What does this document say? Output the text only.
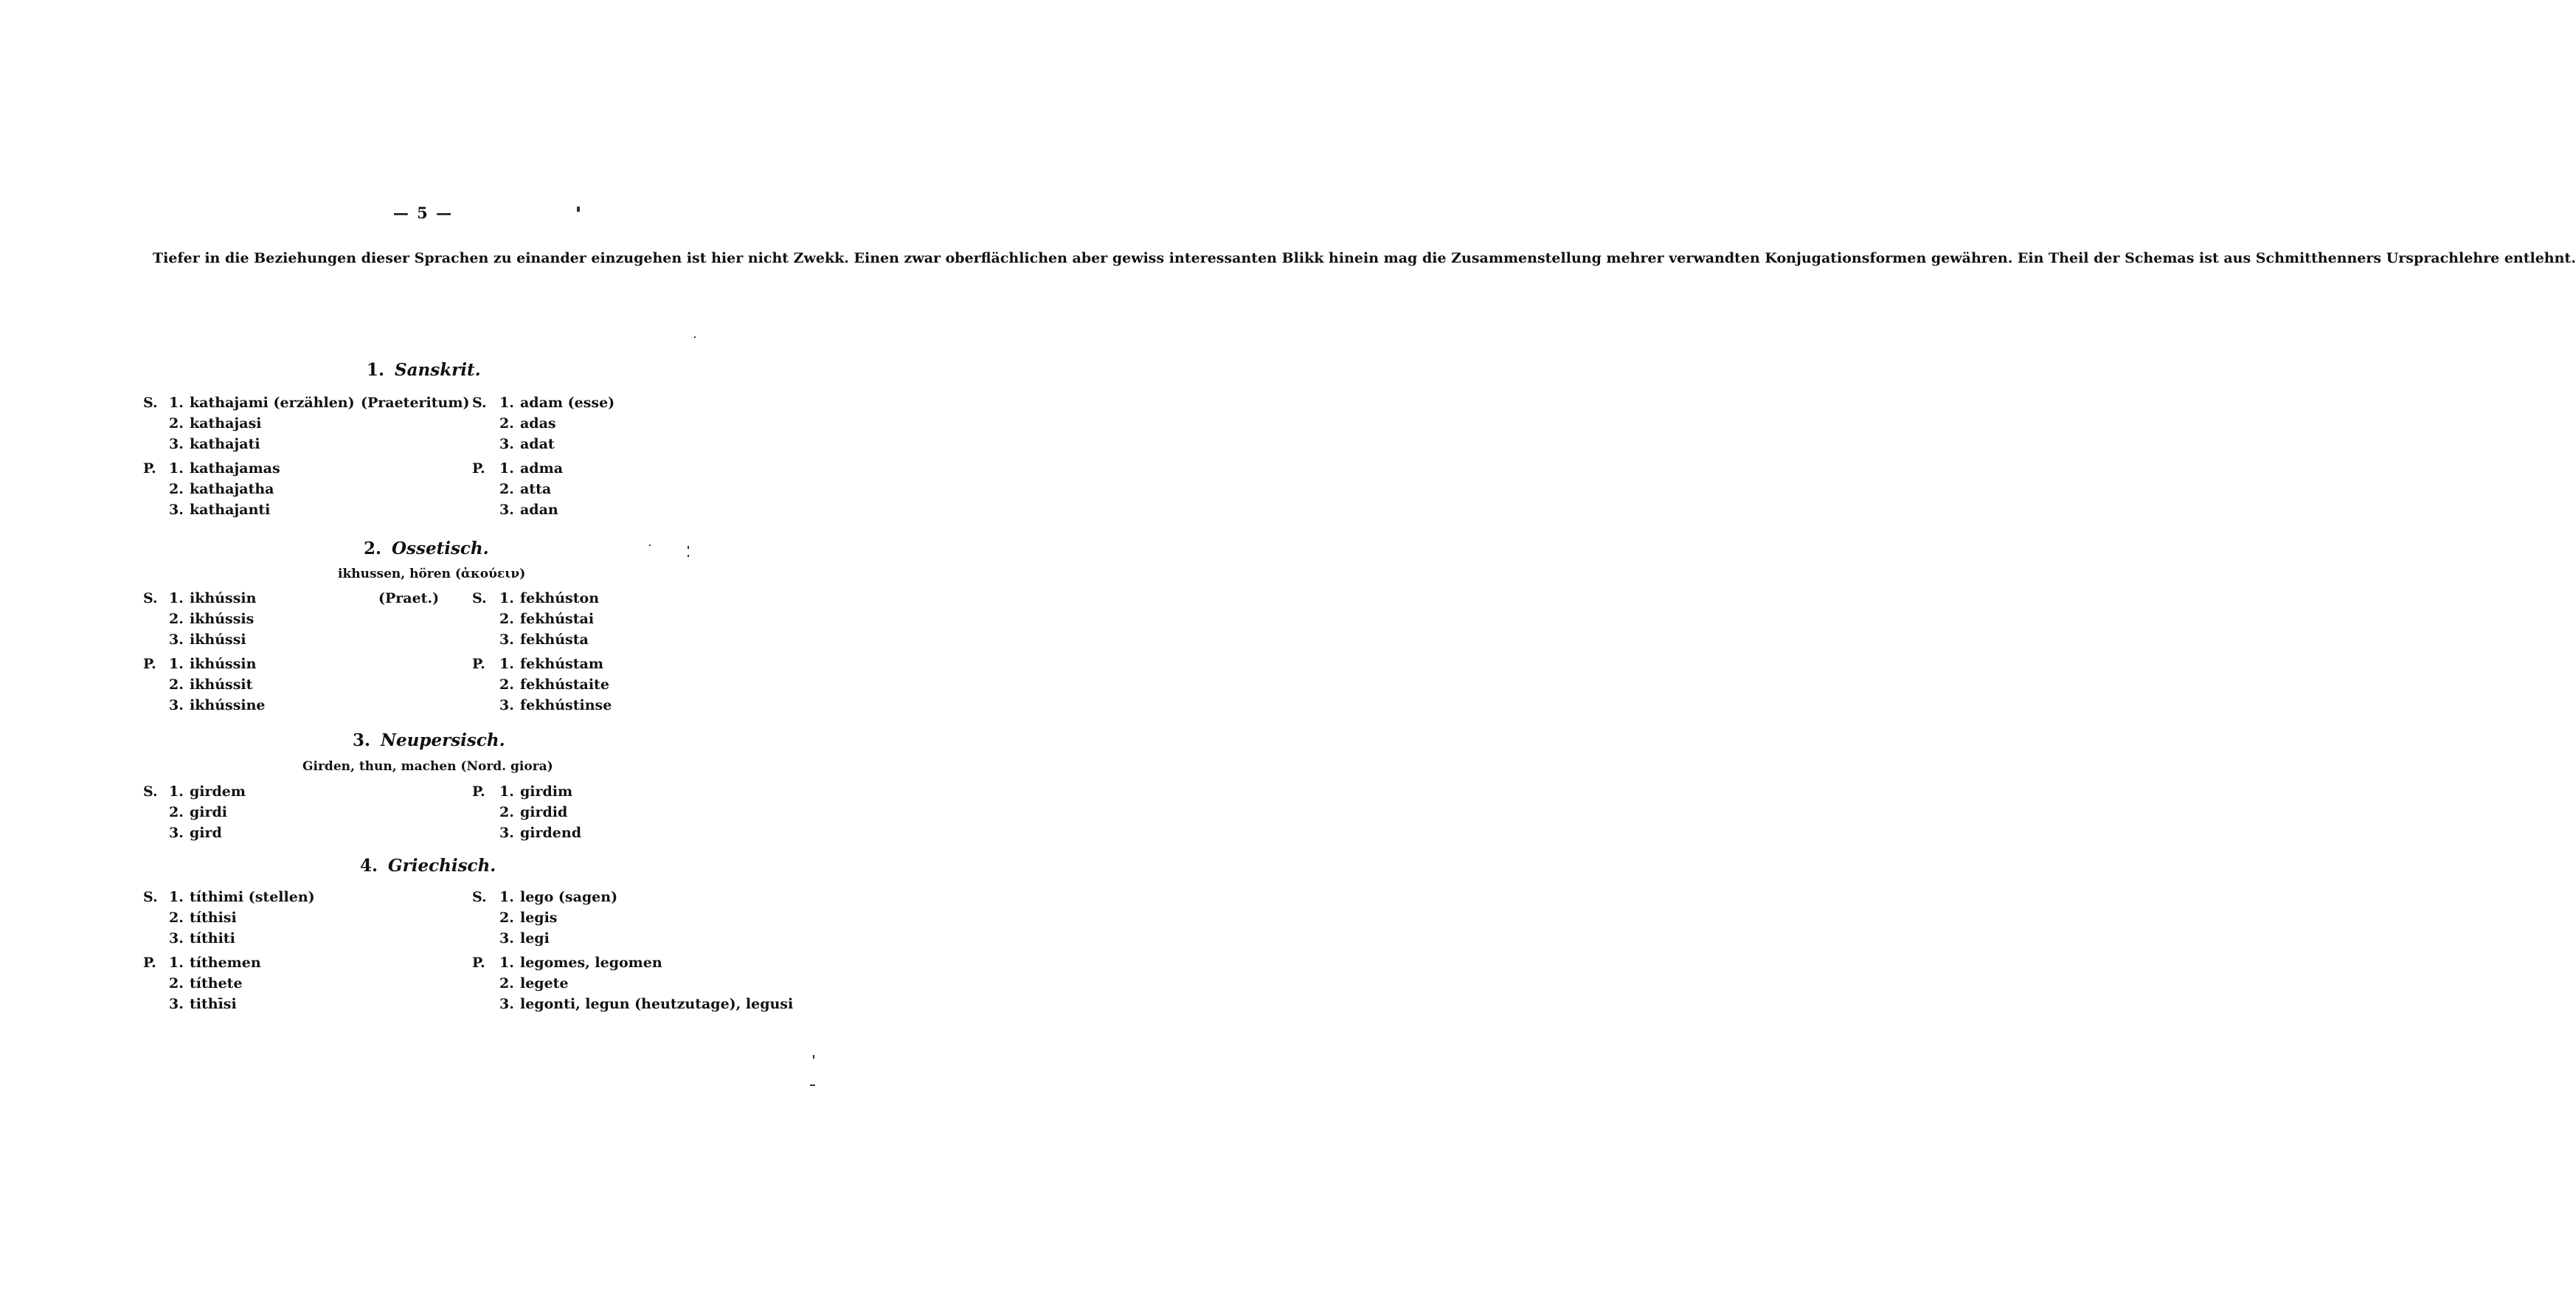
— 5 —

Tiefer in die Beziehungen dieser Sprachen zu einander einzugehen ist hier nicht Zwekk. Einen zwar oberflächlichen aber gewiss interessanten Blikk hinein mag die Zusammenstellung mehrer verwandten Konjugationsformen gewähren. Ein Theil der Schemas ist aus Schmitthenners Ursprachlehre entlehnt.

1. Sanskrit.
(Praeteritum)
S. 1. kathajami (erzählen)
2. kathajasi
3. kathajati
P. 1. kathajamas
2. kathajatha
3. kathajanti
S. 1. adam (esse)
2. adas
3. adat
P. 1. adma
2. atta
3. adan
2. Ossetisch.
ikhussen, hören (ἀκούειν)
(Praet.)
S. 1. ikhússin
2. ikhússis
3. ikhússi
P. 1. ikhússin
2. ikhússit
3. ikhússine
S. 1. fekhúston
2. fekhústai
3. fekhústa
P. 1. fekhústam
2. fekhústaite
3. fekhústinse
3. Neupersisch.
Girden, thun, machen (Nord. giora)
S. 1. girdem
2. girdi
3. gird
P. 1. girdim
2. girdid
3. girdend
4. Griechisch.
S. 1. títhimi (stellen)
2. títhisi
3. títhiti
P. 1. títhemen
2. títhete
3. tithīsi
S. 1. lego (sagen)
2. legis
3. legi
P. 1. legomes, legomen
2. legete
3. legonti, legun (heutzutage), legusi
